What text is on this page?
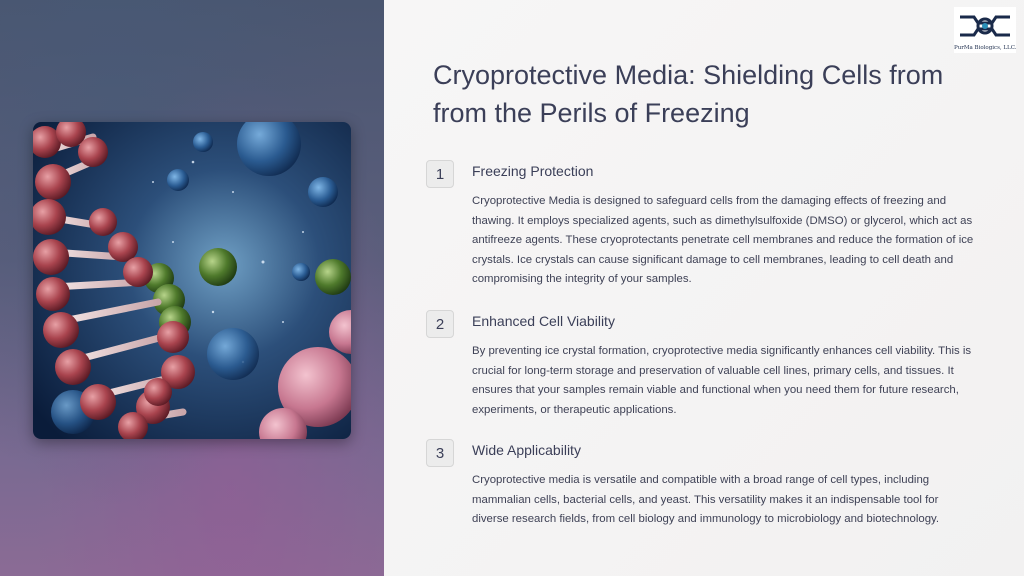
PurMa Biologics, LLC.
Cryoprotective Media: Shielding Cells from from the Perils of Freezing
1	Freezing Protection

Cryoprotective Media is designed to safeguard cells from the damaging effects of freezing and thawing. It employs specialized agents, such as dimethylsulfoxide (DMSO) or glycerol, which act as antifreeze agents. These cryoprotectants penetrate cell membranes and reduce the formation of ice crystals. Ice crystals can cause significant damage to cell membranes, leading to cell death and compromising the integrity of your samples.

2	Enhanced Cell Viability

By preventing ice crystal formation, cryoprotective media significantly enhances cell viability. This is crucial for long-term storage and preservation of valuable cell lines, primary cells, and tissues. It ensures that your samples remain viable and functional when you need them for future research, experiments, or therapeutic applications.

3	Wide Applicability

Cryoprotective media is versatile and compatible with a broad range of cell types, including mammalian cells, bacterial cells, and yeast. This versatility makes it an indispensable tool for diverse research fields, from cell biology and immunology to microbiology and biotechnology.
